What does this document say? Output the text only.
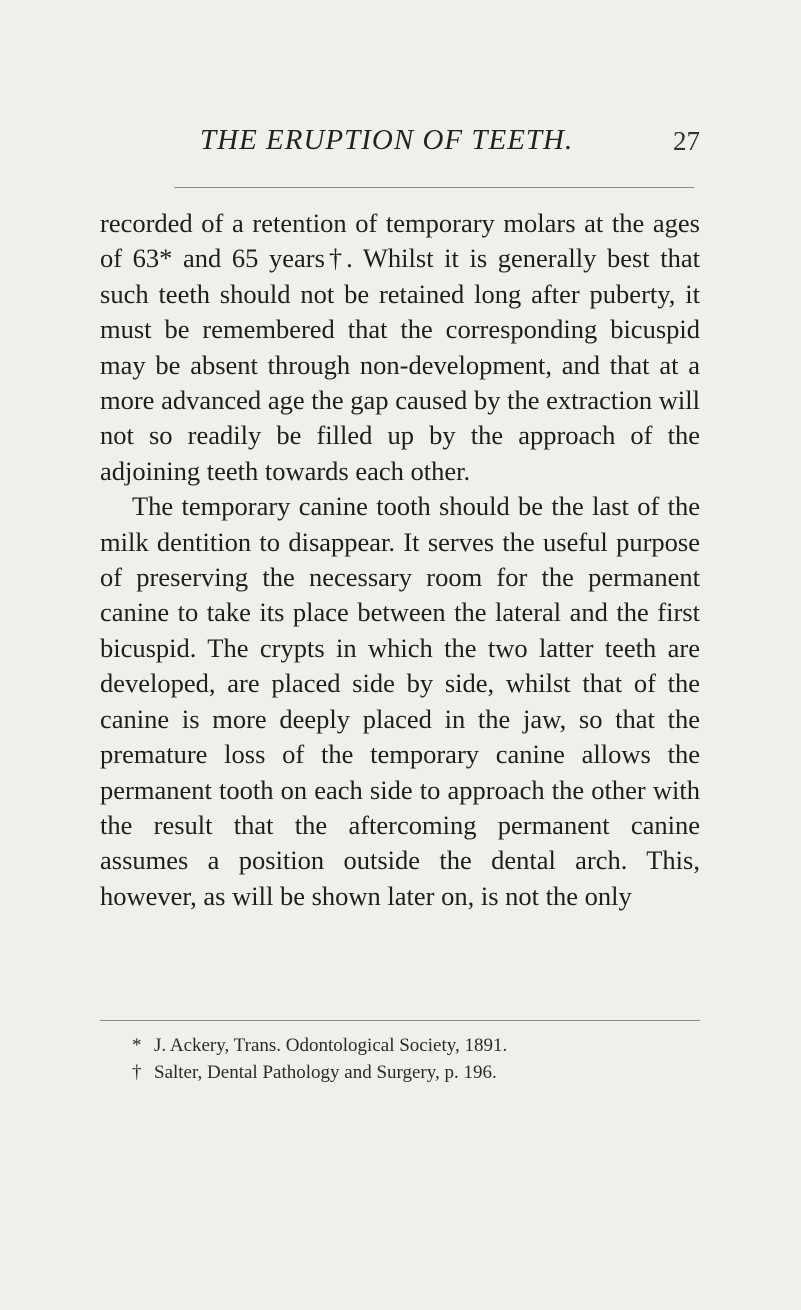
THE ERUPTION OF TEETH.	27

recorded of a retention of temporary molars at the ages of 63* and 65 years†. Whilst it is generally best that such teeth should not be retained long after puberty, it must be remembered that the corresponding bicuspid may be absent through non-development, and that at a more advanced age the gap caused by the extraction will not so readily be filled up by the approach of the adjoining teeth towards each other.

The temporary canine tooth should be the last of the milk dentition to disappear. It serves the useful purpose of preserving the necessary room for the permanent canine to take its place between the lateral and the first bicuspid. The crypts in which the two latter teeth are developed, are placed side by side, whilst that of the canine is more deeply placed in the jaw, so that the premature loss of the temporary canine allows the permanent tooth on each side to approach the other with the result that the aftercoming permanent canine assumes a position outside the dental arch. This, however, as will be shown later on, is not the only

* J. Ackery, Trans. Odontological Society, 1891.

† Salter, Dental Pathology and Surgery, p. 196.
